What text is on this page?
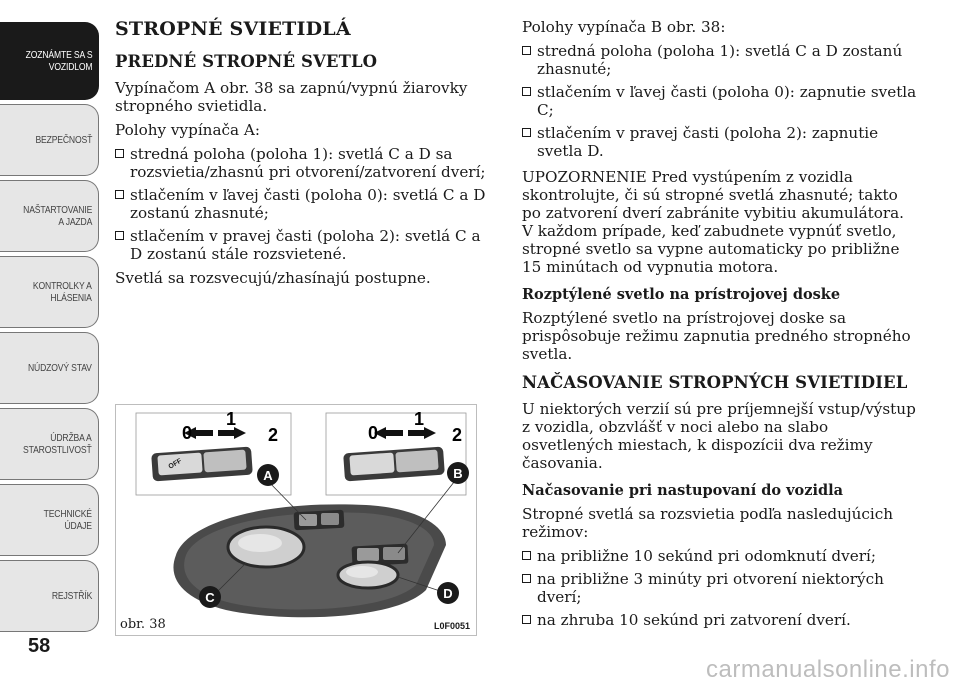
ZOZNÁMTE SA S
VOZIDLOM
BEZPEČNOSŤ
NAŠTARTOVANIE
A JAZDA
KONTROLKY A
HLÁSENIA
NÚDZOVÝ STAV
ÚDRŽBA A
STAROSTLIVOSŤ
TECHNICKÉ
ÚDAJE
REJSTŘÍK
58
STROPNÉ SVIETIDLÁ
PREDNÉ STROPNÉ SVETLO

Vypínačom A obr. 38 sa zapnú/vypnú žiarovky stropného svietidla.

Polohy vypínača A:

stredná poloha (poloha 1): svetlá C a D sa rozsvietia/zhasnú pri otvorení/zatvorení dverí;
stlačením v ľavej časti (poloha 0): svetlá C a D zostanú zhasnuté;
stlačením v pravej časti (poloha 2): svetlá C a D zostanú stále rozsvietené.

Svetlá sa rozsvecujú/zhasínajú postupne.

OFF
1
0	2
1
0	2
A	B
C	D
obr. 38	L0F0051

Polohy vypínača B obr. 38:

stredná poloha (poloha 1): svetlá C a D zostanú zhasnuté;
stlačením v ľavej časti (poloha 0): zapnutie svetla C;
stlačením v pravej časti (poloha 2): zapnutie svetla D.

UPOZORNENIE Pred vystúpením z vozidla skontrolujte, či sú stropné svetlá zhasnuté; takto po zatvorení dverí zabránite vybitiu akumulátora. V každom prípade, keď zabudnete vypnúť svetlo, stropné svetlo sa vypne automaticky po približne 15 minútach od vypnutia motora.

Rozptýlené svetlo na prístrojovej doske

Rozptýlené svetlo na prístrojovej doske sa prispôsobuje režimu zapnutia predného stropného svetla.

NAČASOVANIE STROPNÝCH SVIETIDIEL

U niektorých verzií sú pre príjemnejší vstup/výstup z vozidla, obzvlášť v noci alebo na slabo osvetlených miestach, k dispozícii dva režimy časovania.

Načasovanie pri nastupovaní do vozidla

Stropné svetlá sa rozsvietia podľa nasledujúcich režimov:

na približne 10 sekúnd pri odomknutí dverí;
na približne 3 minúty pri otvorení niektorých dverí;
na zhruba 10 sekúnd pri zatvorení dverí.
carmanualsonline.info
